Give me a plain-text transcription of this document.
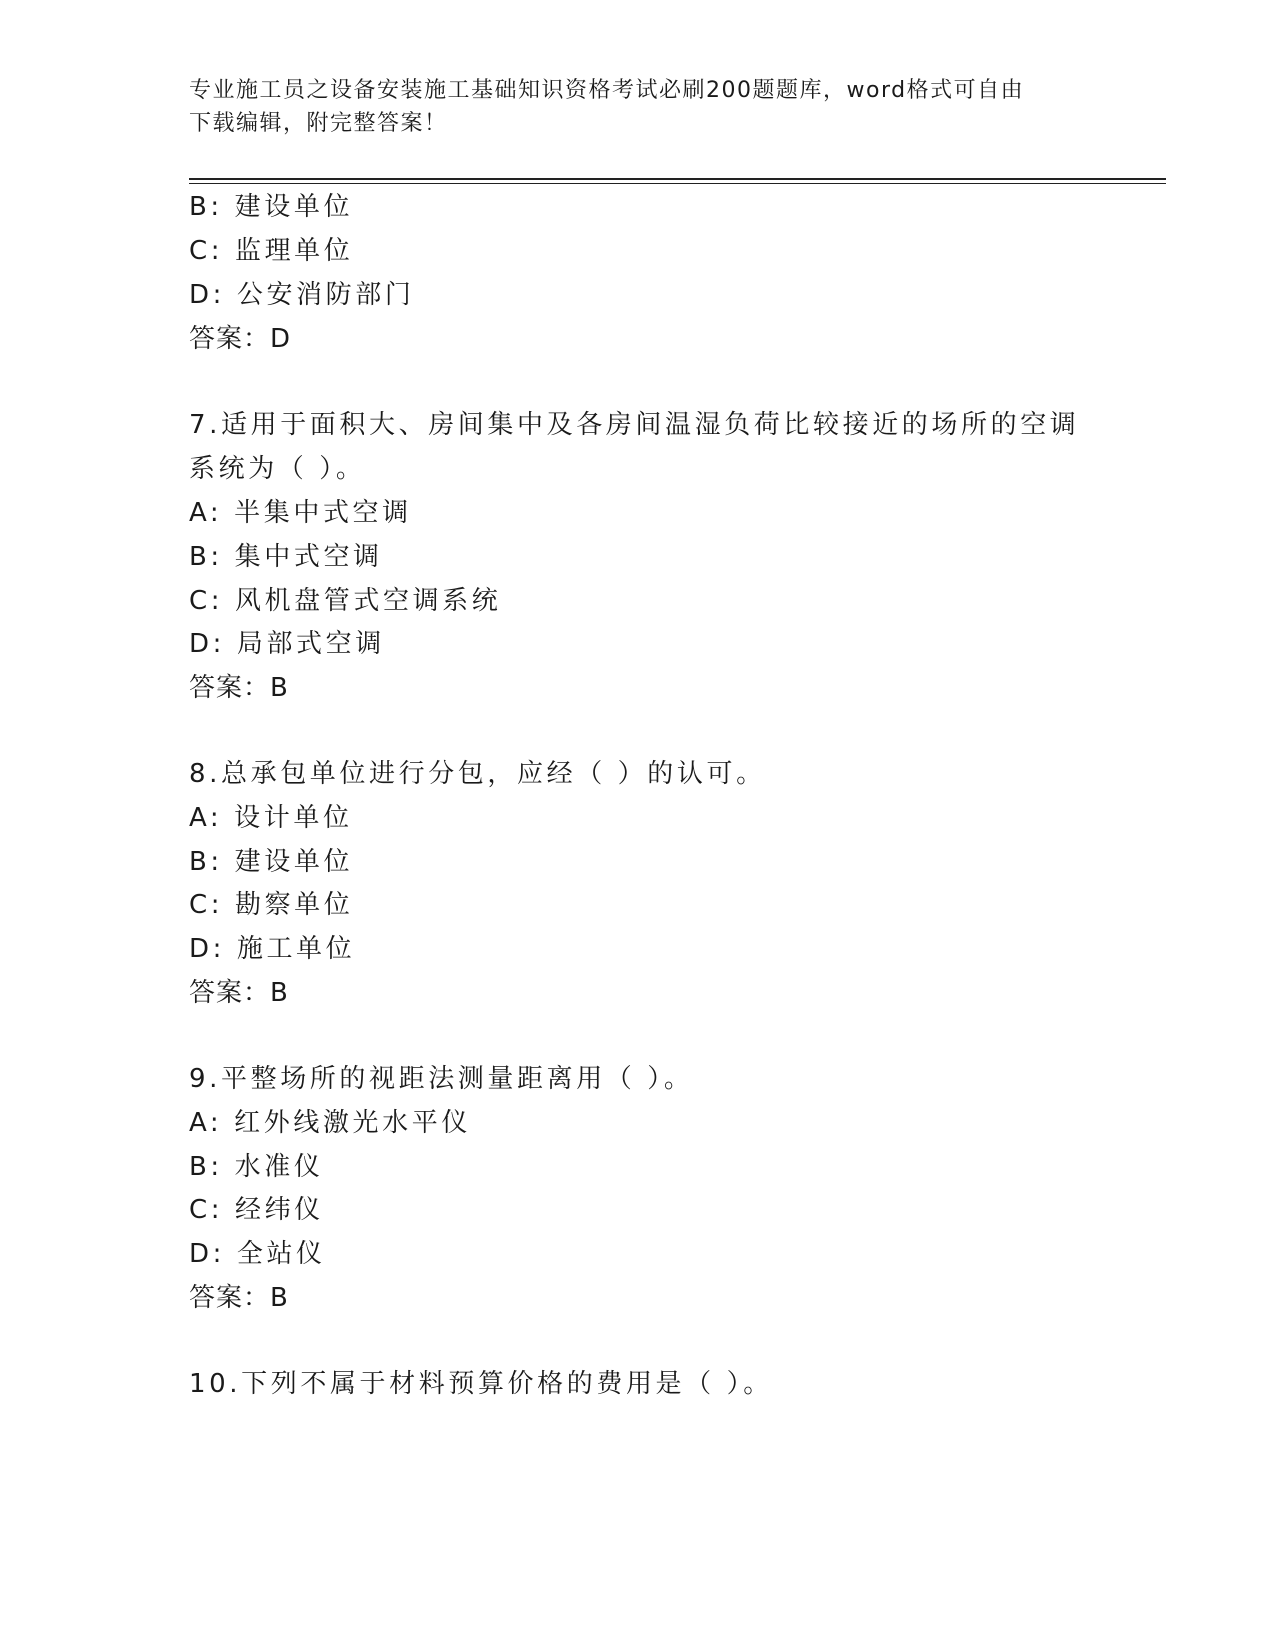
专业施工员之设备安装施工基础知识资格考试必刷200题题库，word格式可自由
下载编辑，附完整答案！

B: 建设单位

C: 监理单位

D: 公安消防部门

答案：D

7.适用于面积大、房间集中及各房间温湿负荷比较接近的场所的空调

系统为（ ）。

A: 半集中式空调

B: 集中式空调

C: 风机盘管式空调系统

D: 局部式空调

答案：B

8.总承包单位进行分包，应经（ ）的认可。

A: 设计单位

B: 建设单位

C: 勘察单位

D: 施工单位

答案：B

9.平整场所的视距法测量距离用（ ）。

A: 红外线激光水平仪

B: 水准仪

C: 经纬仪

D: 全站仪

答案：B

10.下列不属于材料预算价格的费用是（ ）。
